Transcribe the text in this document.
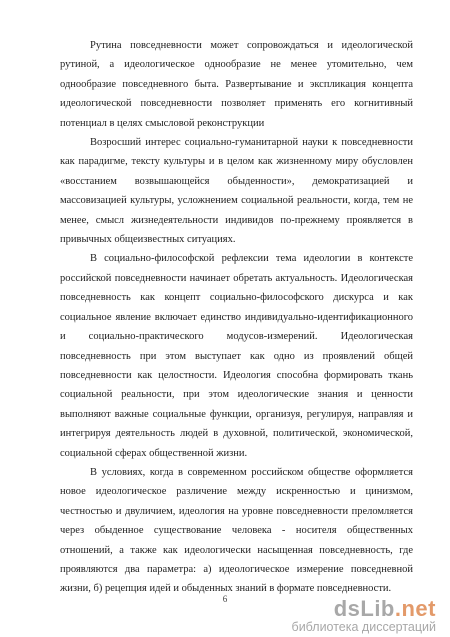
Рутина повседневности может сопровождаться и идеологической рутиной, а идеологическое однообразие не менее утомительно, чем однообразие повседневного быта. Развертывание и экспликация концепта идеологической повседневности позволяет применять его когнитивный потенциал в целях смысловой реконструкции

Возросший интерес социально-гуманитарной науки к повседневности как парадигме, тексту культуры и в целом как жизненному миру обусловлен «восстанием возвышающейся обыденности», демократизацией и массовизацией культуры, усложнением социальной реальности, когда, тем не менее, смысл жизнедеятельности индивидов по-прежнему проявляется в привычных общеизвестных ситуациях.

В социально-философской рефлексии тема идеологии в контексте российской повседневности начинает обретать актуальность. Идеологическая повседневность как концепт социально-философского дискурса и как социальное явление включает единство индивидуально-идентификационного и социально-практического модусов-измерений. Идеологическая повседневность при этом выступает как одно из проявлений общей повседневности как целостности. Идеология способна формировать ткань социальной реальности, при этом идеологические знания и ценности выполняют важные социальные функции, организуя, регулируя, направляя и интегрируя деятельность людей в духовной, политической, экономической, социальной сферах общественной жизни.

В условиях, когда в современном российском обществе оформляется новое идеологическое различение между искренностью и цинизмом, честностью и двуличием, идеология на уровне повседневности преломляется через обыденное существование человека - носителя общественных отношений, а также как идеологически насыщенная повседневность, где проявляются два параметра: а) идеологическое измерение повседневной жизни, б) рецепция идей и обыденных знаний в формате повседневности.

6	dsLib.net
библиотека диссертаций
